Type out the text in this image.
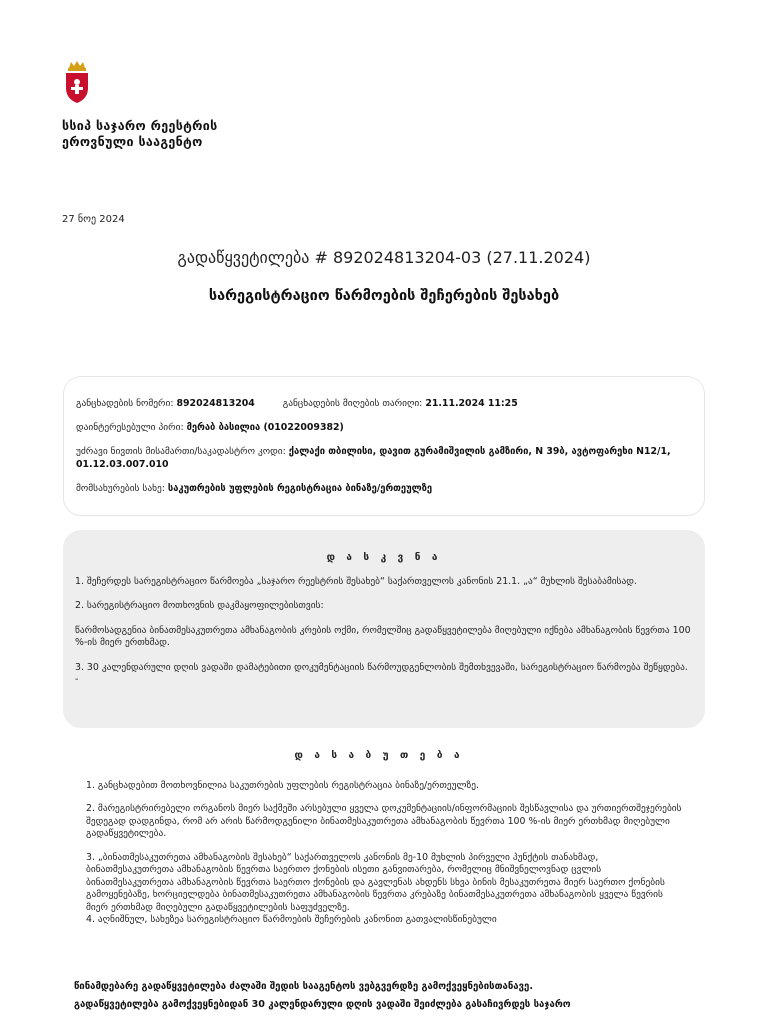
სსიპ საჯარო რეესტრის
ეროვნული სააგენტო
27 ნოე 2024
გადაწყვეტილება # 892024813204-03 (27.11.2024)
სარეგისტრაციო წარმოების შეჩერების შესახებ
განცხადების ნომერი: 892024813204	განცხადების მიღების თარიღი: 21.11.2024 11:25
დაინტერესებული პირი: მერაბ ბასილია (01022009382)
უძრავი ნივთის მისამართი/საკადასტრო კოდი: ქალაქი თბილისი, დავით გურამიშვილის გამზირი, N 39ბ, ავტოფარეხი N12/1, 01.12.03.007.010
მომსახურების სახე: საკუთრების უფლების რეგისტრაცია ბინაზე/ერთეულზე
დ ა ს კ ვ ნ ა

1. შეჩერდეს სარეგისტრაციო წარმოება „საჯარო რეესტრის შესახებ“ საქართველოს კანონის 21.1. „ა“ მუხლის შესაბამისად.

2. სარეგისტრაციო მოთხოვნის დაკმაყოფილებისთვის:

წარმოსადგენია ბინათმესაკუთრეთა ამხანაგობის კრების ოქმი, რომელშიც გადაწყვეტილება მიღებული იქნება ამხანაგობის წევრთა 100 %-ის მიერ ერთხმად.

3. 30 კალენდარული დღის ვადაში დამატებითი დოკუმენტაციის წარმოუდგენლობის შემთხვევაში, სარეგისტრაციო წარმოება შეწყდება.

-

დ ა ს ა ბ უ თ ე ბ ა
1. განცხადებით მოთხოვნილია საკუთრების უფლების რეგისტრაცია ბინაზე/ერთეულზე.
2. მარეგისტრირებელი ორგანოს მიერ საქმეში არსებული ყველა დოკუმენტაციის/ინფორმაციის შესწავლისა და ურთიერთშეჯერების შედეგად დადგინდა, რომ არ არის წარმოდგენილი ბინათმესაკუთრეთა ამხანაგობის წევრთა 100 %-ის მიერ ერთხმად მიღებული გადაწყვეტილება.
3. „ბინათმესაკუთრეთა ამხანაგობის შესახებ“ საქართველოს კანონის მე-10 მუხლის პირველი პუნქტის თანახმად, ბინათმესაკუთრეთა ამხანაგობის წევრთა საერთო ქონების ისეთი განვითარება, რომელიც მნიშვნელოვნად ცვლის ბინათმესაკუთრეთა ამხანაგობის წევრთა საერთო ქონების და გავლენას ახდენს სხვა ბინის მესაკუთრეთა მიერ საერთო ქონების გამოყენებაზე, ხორციელდება ბინათმესაკუთრეთა ამხანაგობის წევრთა კრებაზე ბინათმესაკუთრეთა ამხანაგობის ყველა წევრის მიერ ერთხმად მიღებული გადაწყვეტილების საფუძველზე.
4. აღნიშნულ, სახეზეა სარეგისტრაციო წარმოების შეჩერების კანონით გათვალისწინებული
წინამდებარე გადაწყვეტილება ძალაში შედის სააგენტოს ვებგვერდზე გამოქვეყნებისთანავე.
გადაწყვეტილება გამოქვეყნებიდან 30 კალენდარული დღის ვადაში შეიძლება გასაჩივრდეს საჯარო
